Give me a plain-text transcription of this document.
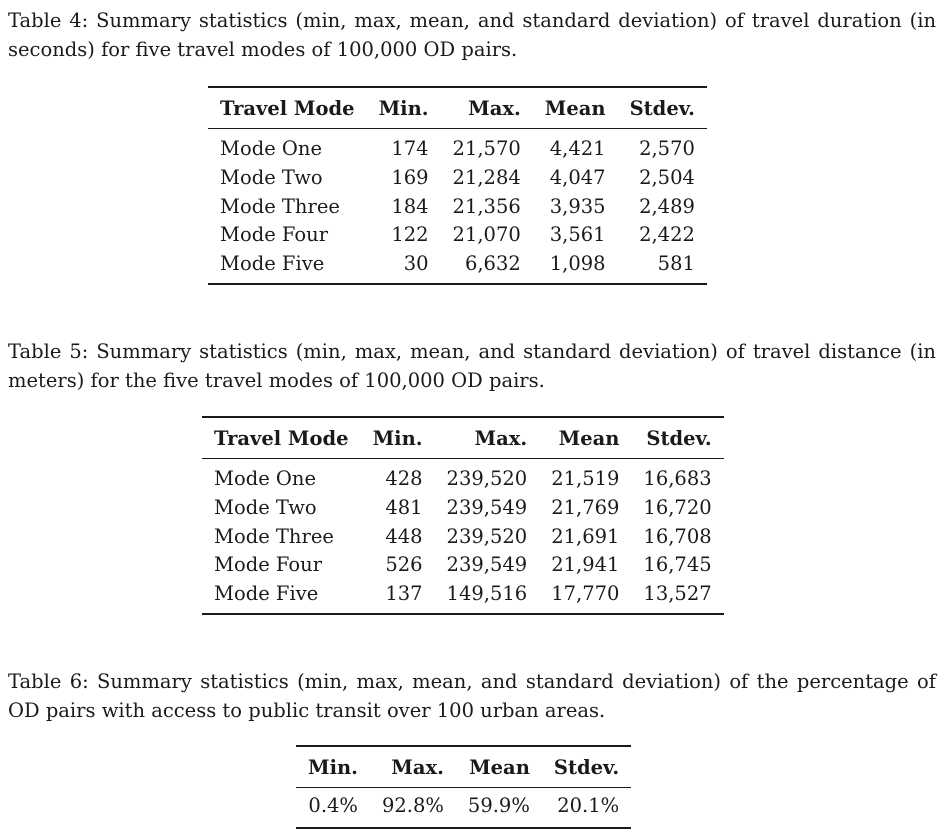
Table 4: Summary statistics (min, max, mean, and standard deviation) of travel duration (in seconds) for five travel modes of 100,000 OD pairs.

Travel Mode	Min.	Max.	Mean	Stdev.
Mode One	174	21,570	4,421	2,570
Mode Two	169	21,284	4,047	2,504
Mode Three	184	21,356	3,935	2,489
Mode Four	122	21,070	3,561	2,422
Mode Five	30	6,632	1,098	581

Table 5: Summary statistics (min, max, mean, and standard deviation) of travel distance (in meters) for the five travel modes of 100,000 OD pairs.

Travel Mode	Min.	Max.	Mean	Stdev.
Mode One	428	239,520	21,519	16,683
Mode Two	481	239,549	21,769	16,720
Mode Three	448	239,520	21,691	16,708
Mode Four	526	239,549	21,941	16,745
Mode Five	137	149,516	17,770	13,527

Table 6: Summary statistics (min, max, mean, and standard deviation) of the percentage of OD pairs with access to public transit over 100 urban areas.

Min.	Max.	Mean	Stdev.
0.4%	92.8%	59.9%	20.1%
